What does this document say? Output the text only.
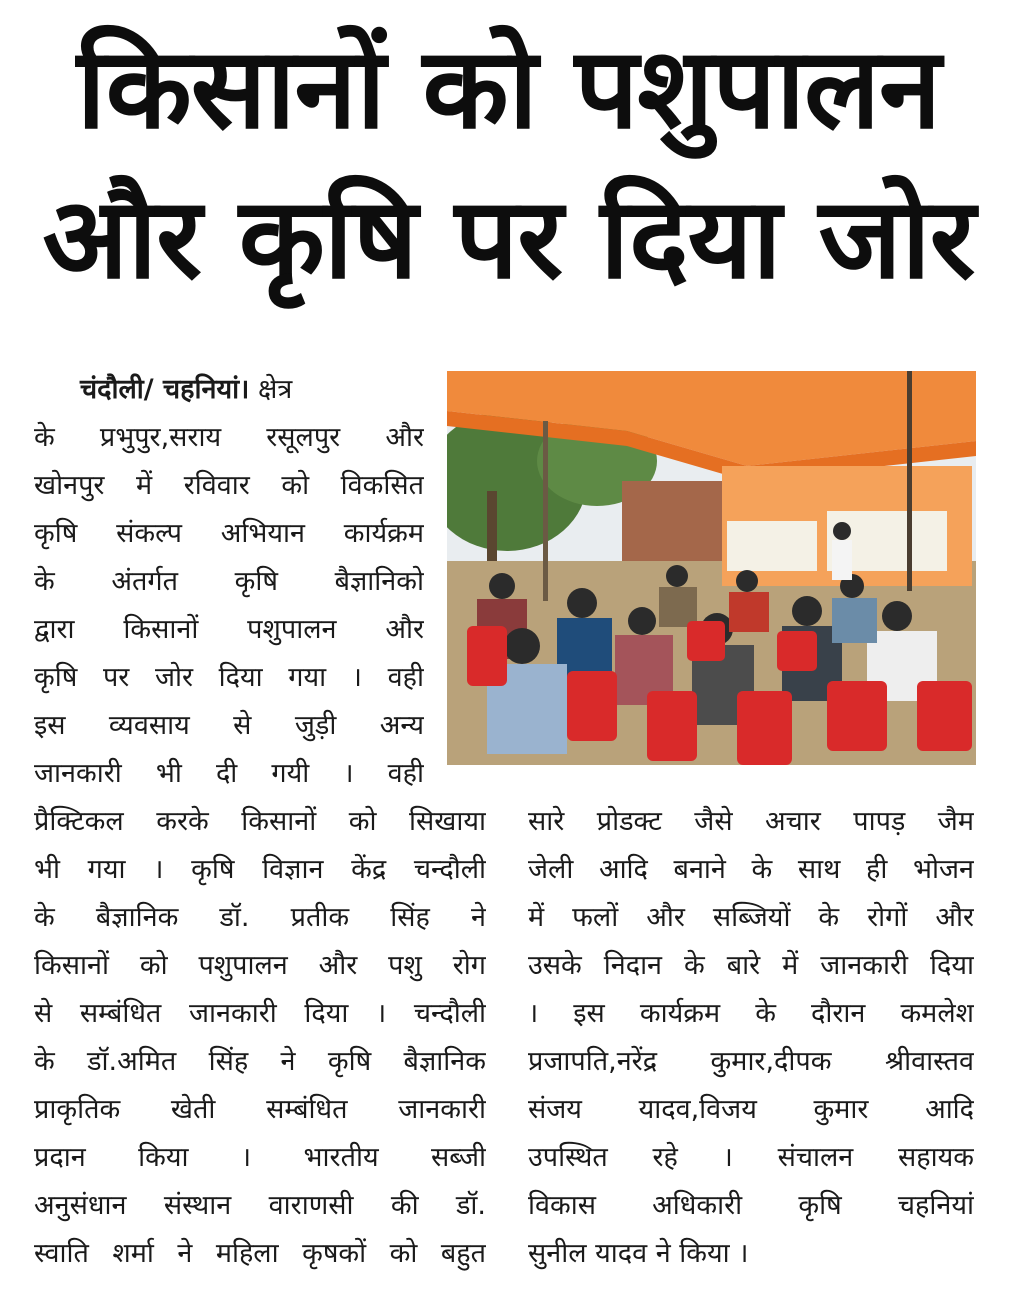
किसानों को पशुपालन
और कृषि पर दिया जोर
चंदौली/ चहनियां। क्षेत्र
के प्रभुपुर,सराय रसूलपुर और
खोनपुर में रविवार को विकसित
कृषि संकल्प अभियान कार्यक्रम
के अंतर्गत कृषि बैज्ञानिको
द्वारा किसानों पशुपालन और
कृषि पर जोर दिया गया । वही
इस व्यवसाय से जुड़ी अन्य
जानकारी भी दी गयी । वही
प्रैक्टिकल करके किसानों को सिखाया
भी गया । कृषि विज्ञान केंद्र चन्दौली
के बैज्ञानिक डॉ. प्रतीक सिंह ने
किसानों को पशुपालन और पशु रोग
से सम्बंधित जानकारी दिया । चन्दौली
के डॉ.अमित सिंह ने कृषि बैज्ञानिक
प्राकृतिक खेती सम्बंधित जानकारी
प्रदान किया । भारतीय सब्जी
अनुसंधान संस्थान वाराणसी की डॉ.
स्वाति शर्मा ने महिला कृषकों को बहुत
सारे प्रोडक्ट जैसे अचार पापड़ जैम
जेली आदि बनाने के साथ ही भोजन
में फलों और सब्जियों के रोगों और
उसके निदान के बारे में जानकारी दिया
। इस कार्यक्रम के दौरान कमलेश
प्रजापति,नरेंद्र कुमार,दीपक श्रीवास्तव
संजय यादव,विजय कुमार आदि
उपस्थित रहे । संचालन सहायक
विकास अधिकारी कृषि चहनियां
सुनील यादव ने किया ।
